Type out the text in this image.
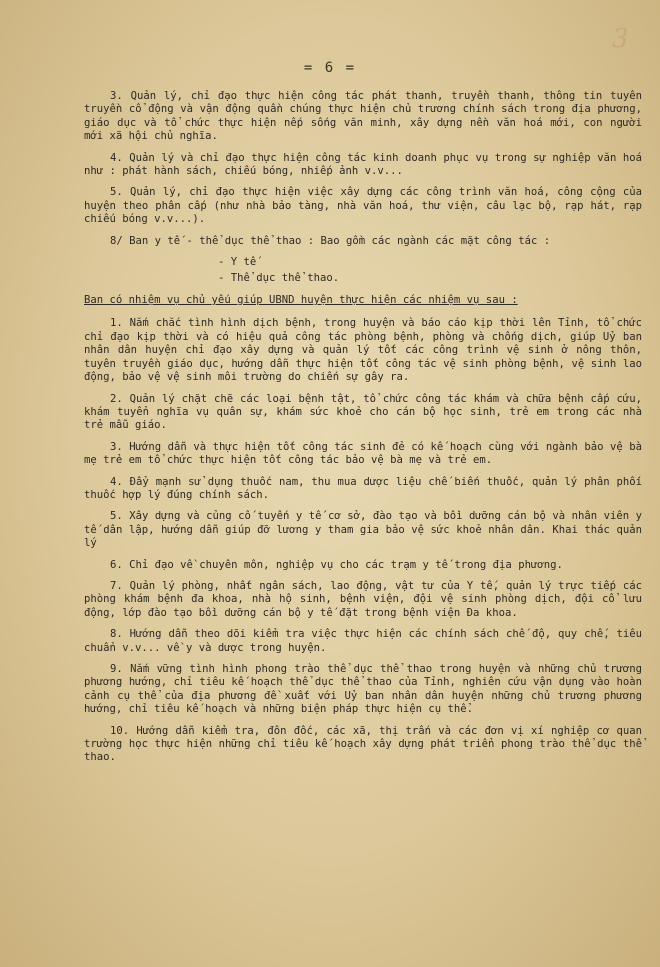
= 6 =
3

3. Quản lý, chỉ đạo thực hiện công tác phát thanh, truyền thanh, thông tin tuyên truyền cổ động và vận động quần chúng thực hiện chủ trương chính sách trong địa phương, giáo dục và tổ chức thực hiện nếp sống văn minh, xây dựng nền văn hoá mới, con người mới xã hội chủ nghĩa.

4. Quản lý và chỉ đạo thực hiện công tác kinh doanh phục vụ trong sự nghiệp văn hoá như : phát hành sách, chiếu bóng, nhiếp ảnh v.v...

5. Quản lý, chỉ đạo thực hiện việc xây dựng các công trình văn hoá, công cộng của huyện theo phân cấp (như nhà bảo tàng, nhà văn hoá, thư viện, câu lạc bộ, rạp hát, rạp chiếu bóng v.v...).

8/ Ban y tế - thể dục thể thao : Bao gồm các ngành các mặt công tác :

- Y tế

- Thể dục thể thao.

Ban có nhiệm vụ chủ yếu giúp UBND huyện thực hiện các nhiệm vụ sau :

1. Nắm chắc tình hình dịch bệnh, trong huyện và báo cáo kịp thời lên Tỉnh, tổ chức chỉ đạo kịp thời và có hiệu quả công tác phòng bệnh, phòng và chống dịch, giúp Uỷ ban nhân dân huyện chỉ đạo xây dựng và quản lý tốt các công trình vệ sinh ở nông thôn, tuyên truyền giáo dục, hướng dẫn thực hiện tốt công tác vệ sinh phòng bệnh, vệ sinh lao động, bảo vệ vệ sinh môi trường do chiến sự gây ra.

2. Quản lý chặt chẽ các loại bệnh tật, tổ chức công tác khám và chữa bệnh cấp cứu, khám tuyển nghĩa vụ quân sự, khám sức khoẻ cho cán bộ học sinh, trẻ em trong các nhà trẻ mẫu giáo.

3. Hướng dẫn và thực hiện tốt công tác sinh đẻ có kế hoạch cùng với ngành bảo vệ bà mẹ trẻ em tổ chức thực hiện tốt công tác bảo vệ bà mẹ và trẻ em.

4. Đẩy mạnh sử dụng thuốc nam, thu mua dược liệu chế biến thuốc, quản lý phân phối thuốc hợp lý đúng chính sách.

5. Xây dựng và củng cố tuyến y tế cơ sở, đào tạo và bồi dưỡng cán bộ và nhân viên y tế dân lập, hướng dẫn giúp đỡ lương y tham gia bảo vệ sức khoẻ nhân dân. Khai thác quản lý

6. Chỉ đạo về chuyên môn, nghiệp vụ cho các trạm y tế trong địa phương.

7. Quản lý phòng, nhất ngân sách, lao động, vật tư của Y tế, quản lý trực tiếp các phòng khám bệnh đa khoa, nhà hộ sinh, bệnh viện, đội vệ sinh phòng dịch, đội cổ lưu động, lớp đào tạo bồi dưỡng cán bộ y tế đặt trong bệnh viện Đa khoa.

8. Hướng dẫn theo dõi kiểm tra việc thực hiện các chính sách chế độ, quy chế, tiêu chuẩn v.v... về y và dược trong huyện.

9. Nắm vững tình hình phong trào thể dục thể thao trong huyện và những chủ trương phương hướng, chỉ tiêu kế hoạch thể dục thể thao của Tỉnh, nghiên cứu vận dụng vào hoàn cảnh cụ thể của địa phương đề xuất với Uỷ ban nhân dân huyện những chủ trương phương hướng, chỉ tiêu kế hoạch và những biện pháp thực hiện cụ thể.

10. Hướng dẫn kiểm tra, đôn đốc, các xã, thị trấn và các đơn vị xí nghiệp cơ quan trường học thực hiện những chỉ tiêu kế hoạch xây dựng phát triển phong trào thể dục thể thao.
